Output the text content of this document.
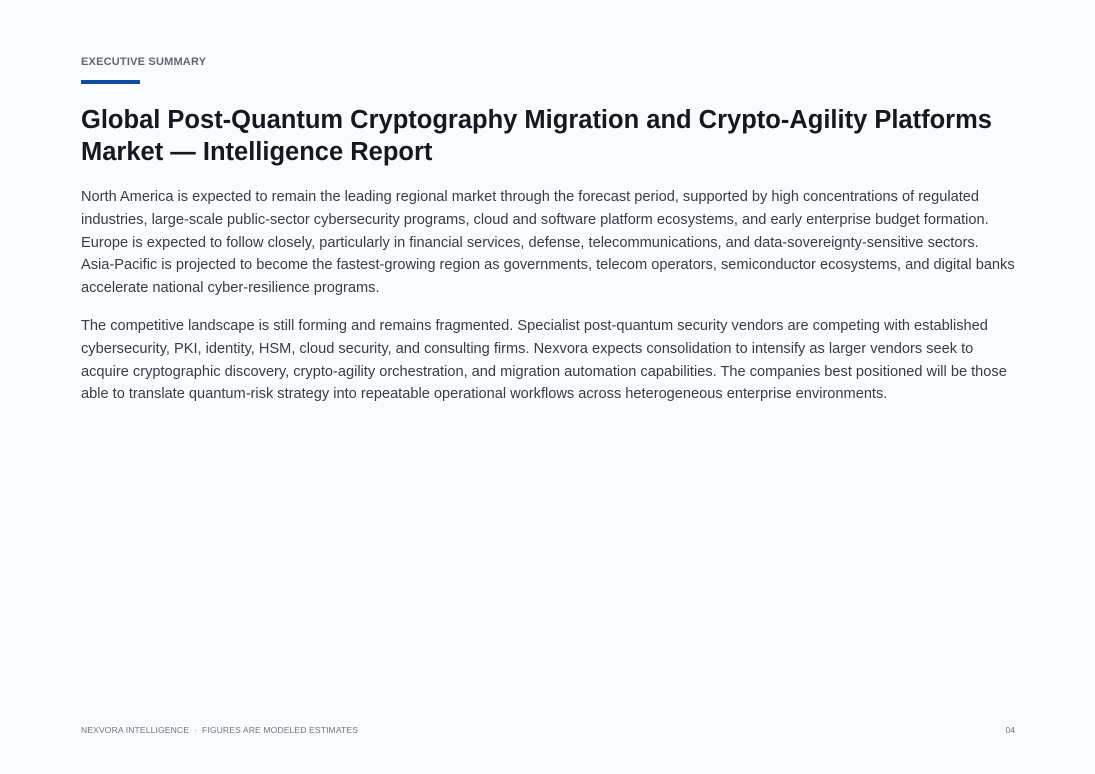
EXECUTIVE SUMMARY
Global Post-Quantum Cryptography Migration and Crypto-Agility Platforms Market — Intelligence Report

North America is expected to remain the leading regional market through the forecast period, supported by high concentrations of regulated industries, large-scale public-sector cybersecurity programs, cloud and software platform ecosystems, and early enterprise budget formation. Europe is expected to follow closely, particularly in financial services, defense, telecommunications, and data-sovereignty-sensitive sectors. Asia-Pacific is projected to become the fastest-growing region as governments, telecom operators, semiconductor ecosystems, and digital banks accelerate national cyber-resilience programs.

The competitive landscape is still forming and remains fragmented. Specialist post-quantum security vendors are competing with established cybersecurity, PKI, identity, HSM, cloud security, and consulting firms. Nexvora expects consolidation to intensify as larger vendors seek to acquire cryptographic discovery, crypto-agility orchestration, and migration automation capabilities. The companies best positioned will be those able to translate quantum-risk strategy into repeatable operational workflows across heterogeneous enterprise environments.

NEXVORA INTELLIGENCE · FIGURES ARE MODELED ESTIMATES	04
